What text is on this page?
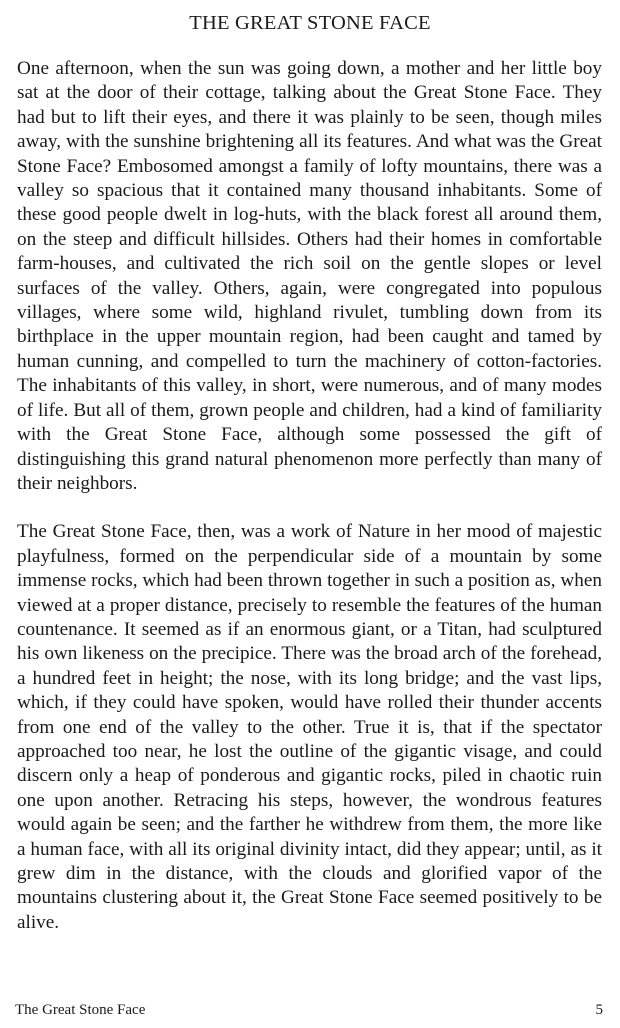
THE GREAT STONE FACE

One afternoon, when the sun was going down, a mother and her little boy sat at the door of their cottage, talking about the Great Stone Face. They had but to lift their eyes, and there it was plainly to be seen, though miles away, with the sunshine brightening all its features. And what was the Great Stone Face? Embosomed amongst a family of lofty mountains, there was a valley so spacious that it contained many thousand inhabitants. Some of these good people dwelt in log-huts, with the black forest all around them, on the steep and difficult hillsides. Others had their homes in comfortable farm-houses, and cultivated the rich soil on the gentle slopes or level surfaces of the valley. Others, again, were congregated into populous villages, where some wild, highland rivulet, tumbling down from its birthplace in the upper mountain region, had been caught and tamed by human cunning, and compelled to turn the machinery of cotton-factories. The inhabitants of this valley, in short, were numerous, and of many modes of life. But all of them, grown people and children, had a kind of familiarity with the Great Stone Face, although some possessed the gift of distinguishing this grand natural phenomenon more perfectly than many of their neighbors.

The Great Stone Face, then, was a work of Nature in her mood of majestic playfulness, formed on the perpendicular side of a mountain by some immense rocks, which had been thrown together in such a position as, when viewed at a proper distance, precisely to resemble the features of the human countenance. It seemed as if an enormous giant, or a Titan, had sculptured his own likeness on the precipice. There was the broad arch of the forehead, a hundred feet in height; the nose, with its long bridge; and the vast lips, which, if they could have spoken, would have rolled their thunder accents from one end of the valley to the other. True it is, that if the spectator approached too near, he lost the outline of the gigantic visage, and could discern only a heap of ponderous and gigantic rocks, piled in chaotic ruin one upon another. Retracing his steps, however, the wondrous features would again be seen; and the farther he withdrew from them, the more like a human face, with all its original divinity intact, did they appear; until, as it grew dim in the distance, with the clouds and glorified vapor of the mountains clustering about it, the Great Stone Face seemed positively to be alive.

The Great Stone Face	5
